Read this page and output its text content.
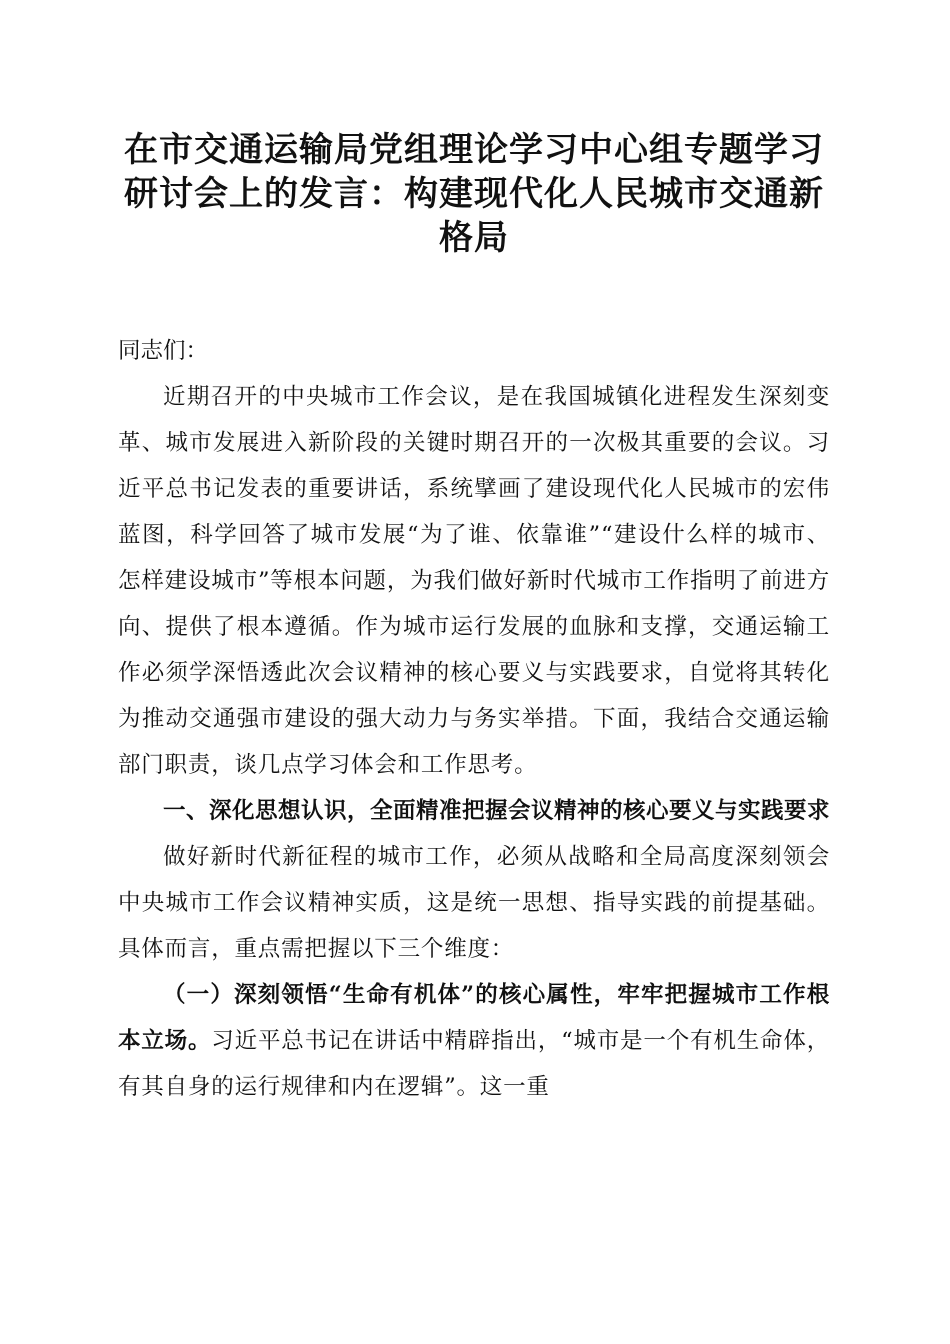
在市交通运输局党组理论学习中心组专题学习研讨会上的发言：构建现代化人民城市交通新格局

同志们：

近期召开的中央城市工作会议，是在我国城镇化进程发生深刻变革、城市发展进入新阶段的关键时期召开的一次极其重要的会议。习近平总书记发表的重要讲话，系统擘画了建设现代化人民城市的宏伟蓝图，科学回答了城市发展“为了谁、依靠谁”“建设什么样的城市、怎样建设城市”等根本问题，为我们做好新时代城市工作指明了前进方向、提供了根本遵循。作为城市运行发展的血脉和支撑，交通运输工作必须学深悟透此次会议精神的核心要义与实践要求，自觉将其转化为推动交通强市建设的强大动力与务实举措。下面，我结合交通运输部门职责，谈几点学习体会和工作思考。

一、深化思想认识，全面精准把握会议精神的核心要义与实践要求

做好新时代新征程的城市工作，必须从战略和全局高度深刻领会中央城市工作会议精神实质，这是统一思想、指导实践的前提基础。具体而言，重点需把握以下三个维度：

（一）深刻领悟“生命有机体”的核心属性，牢牢把握城市工作根本立场。习近平总书记在讲话中精辟指出，“城市是一个有机生命体，有其自身的运行规律和内在逻辑”。这一重
